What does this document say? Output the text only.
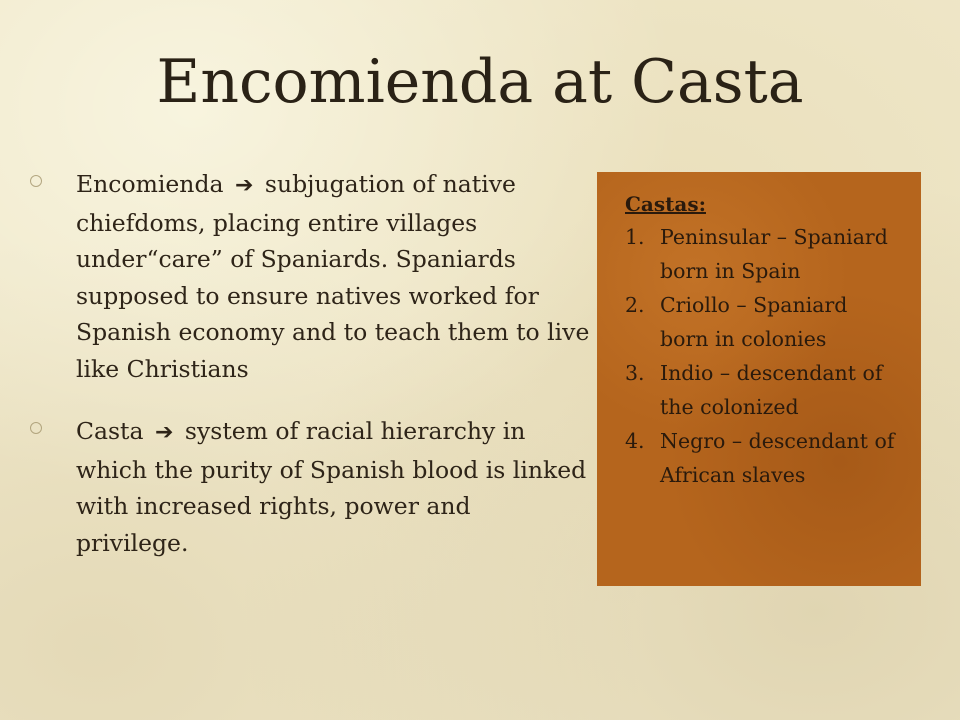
Encomienda at Casta
Encomienda ➔ subjugation of native chiefdoms, placing entire villages under“care” of Spaniards. Spaniards supposed to ensure natives worked for Spanish economy and to teach them to live like Christians
Casta ➔ system of racial hierarchy in which the purity of Spanish blood is linked with increased rights, power and privilege.
Castas:
1. Peninsular – Spaniard born in Spain
2. Criollo – Spaniard born in colonies
3. Indio – descendant of the colonized
4. Negro – descendant of African slaves
